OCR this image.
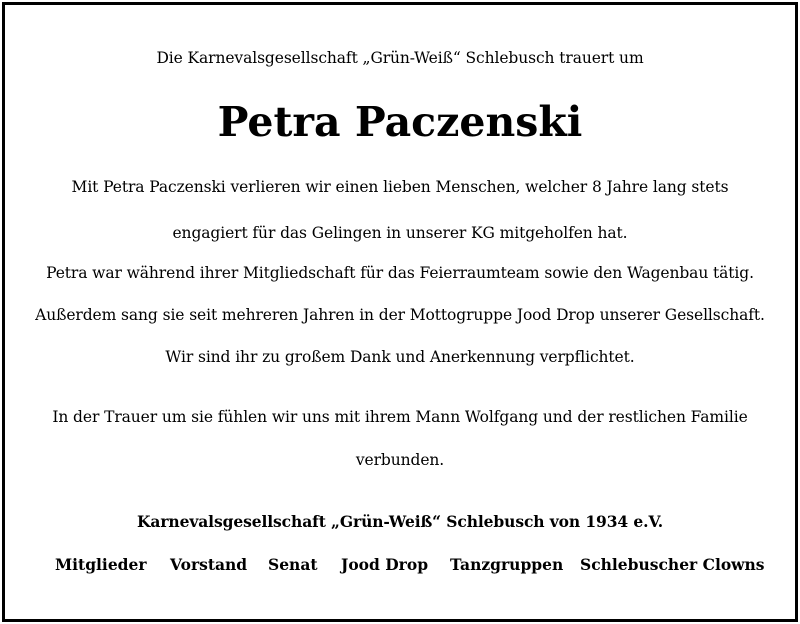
Die Karnevalsgesellschaft „Grün-Weiß“ Schlebusch trauert um
Petra Paczenski
Mit Petra Paczenski verlieren wir einen lieben Menschen, welcher 8 Jahre lang stets
engagiert für das Gelingen in unserer KG mitgeholfen hat.
Petra war während ihrer Mitgliedschaft für das Feierraumteam sowie den Wagenbau tätig.
Außerdem sang sie seit mehreren Jahren in der Mottogruppe Jood Drop unserer Gesellschaft.
Wir sind ihr zu großem Dank und Anerkennung verpflichtet.
In der Trauer um sie fühlen wir uns mit ihrem Mann Wolfgang und der restlichen Familie
verbunden.
Karnevalsgesellschaft „Grün-Weiß“ Schlebusch von 1934 e.V.
Mitglieder Vorstand Senat Jood Drop Tanzgruppen Schlebuscher Clowns
